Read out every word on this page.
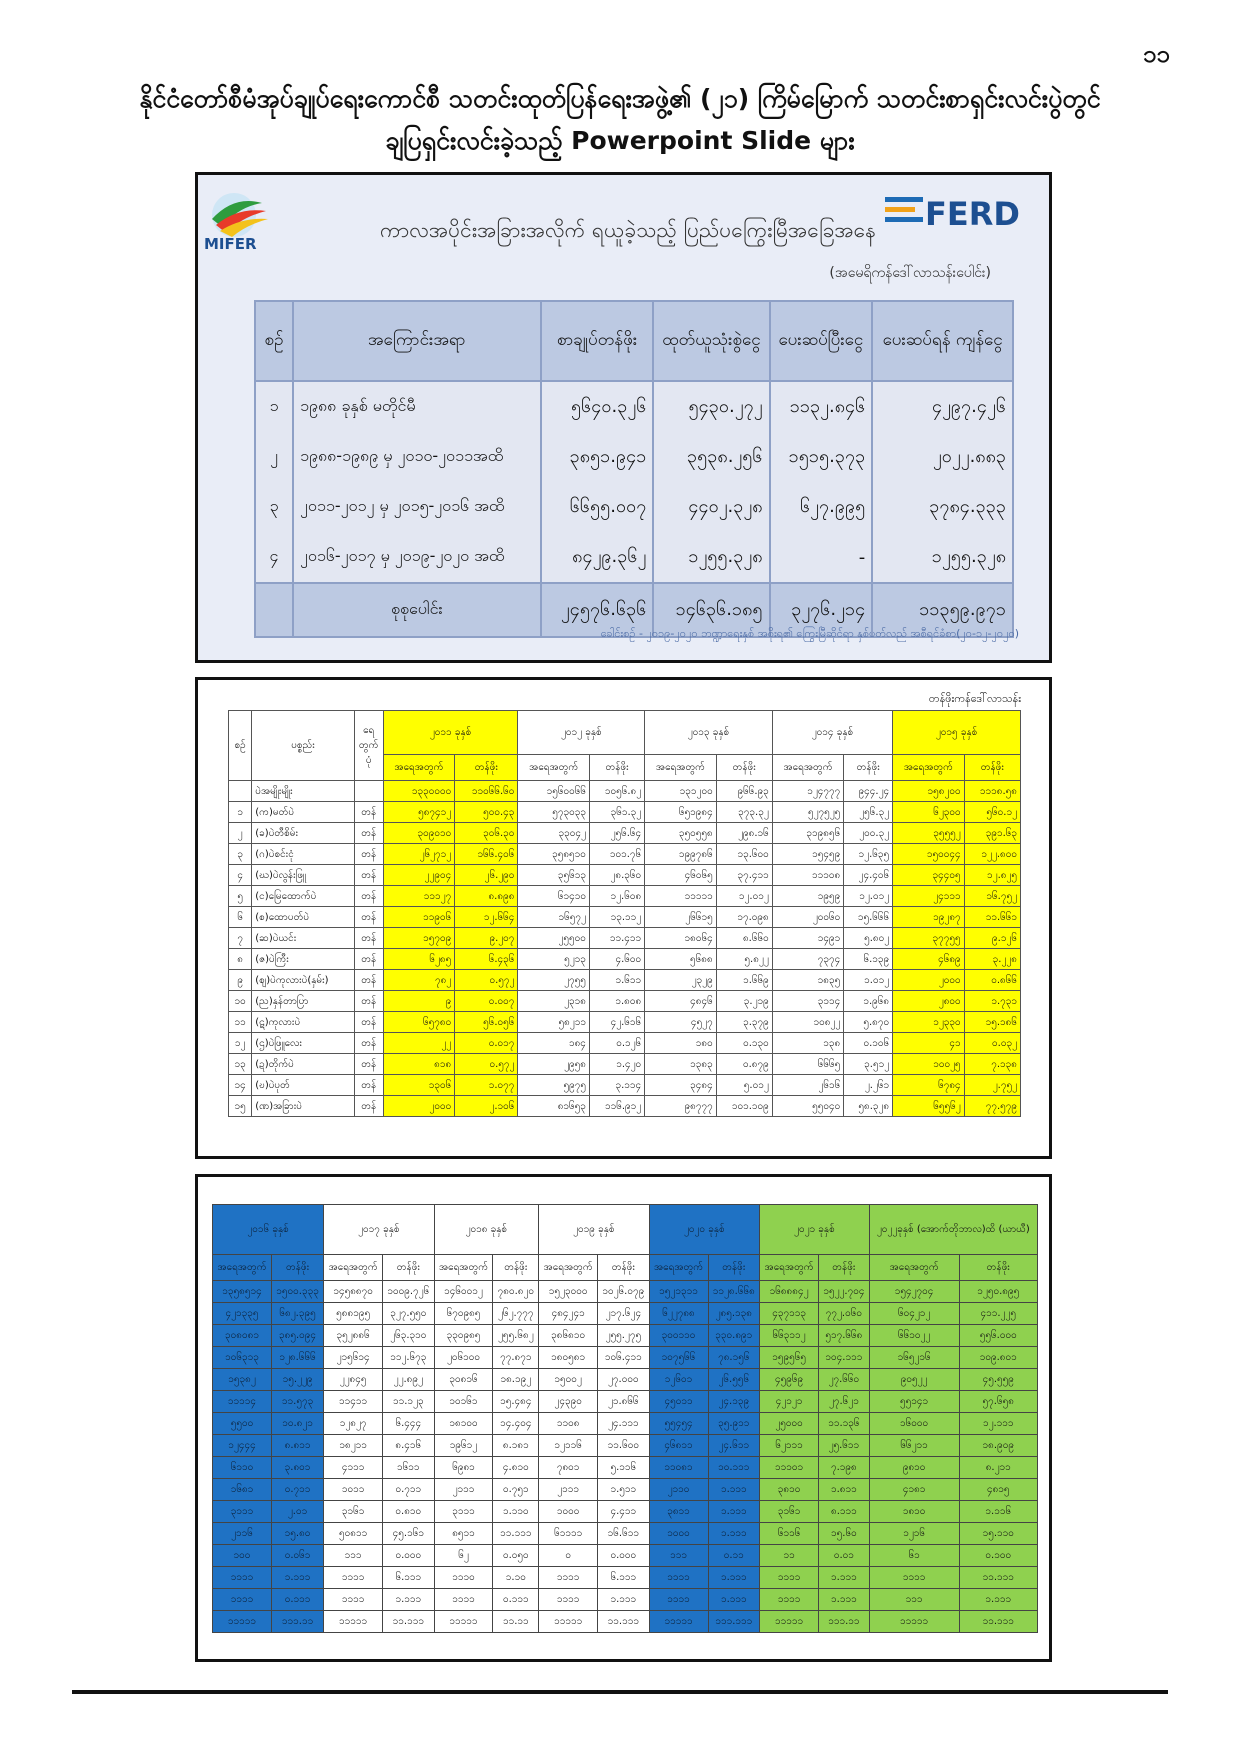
၁၁
နိုင်ငံတော်စီမံအုပ်ချုပ်ရေးကောင်စီ သတင်းထုတ်ပြန်ရေးအဖွဲ့၏ (၂၁) ကြိမ်မြောက် သတင်းစာရှင်းလင်းပွဲတွင်
ချပြရှင်းလင်းခဲ့သည့် Powerpoint Slide များ
MIFER
FERD
ကာလအပိုင်းအခြားအလိုက် ရယူခဲ့သည့် ပြည်ပကြွေးမြီအခြေအနေ
(အမေရိကန်ဒေါ်လာသန်းပေါင်း)
စဉ်	အကြောင်းအရာ	စာချုပ်တန်ဖိုး	ထုတ်ယူသုံးစွဲငွေ	ပေးဆပ်ပြီးငွေ	ပေးဆပ်ရန် ကျန်ငွေ
၁	၁၉၈၈ ခုနှစ် မတိုင်မီ	၅၆၄၀.၃၂၆	၅၄၃၀.၂၇၂	၁၁၃၂.၈၄၆	၄၂၉၇.၄၂၆
၂	၁၉၈၈-၁၉၈၉ မှ ၂၀၁၀-၂၀၁၁အထိ	၃၈၅၁.၉၄၁	၃၅၃၈.၂၅၆	၁၅၁၅.၃၇၃	၂၀၂၂.၈၈၃
၃	၂၀၁၁-၂၀၁၂ မှ ၂၀၁၅-၂၀၁၆ အထိ	၆၆၅၅.၀၀၇	၄၄၀၂.၃၂၈	၆၂၇.၉၉၅	၃၇၈၄.၃၃၃
၄	၂၀၁၆-၂၀၁၇ မှ ၂၀၁၉-၂၀၂၀ အထိ	၈၄၂၉.၃၆၂	၁၂၅၅.၃၂၈	-	၁၂၅၅.၃၂၈
	စုစုပေါင်း	၂၄၅၇၆.၆၃၆	၁၄၆၃၆.၁၈၅	၃၂၇၆.၂၁၄	၁၁၃၅၉.၉၇၁
ခေါင်းစဉ် - ၂၀၁၉-၂၀၂၀ ဘဏ္ဍာရေးနှစ် အစိုးရ၏ ကြွေးမြီဆိုင်ရာ နှစ်ပတ်လည် အစီရင်ခံစာ(၂၀-၁၂-၂၀၂၀)
တန်ဖိုးကန်ဒေါ်လာသန်း
စဉ်	ပစ္စည်း	ရေ တွက် ပုံ	၂၀၁၁ ခုနှစ်		၂၀၁၂ ခုနှစ်		၂၀၁၃ ခုနှစ်		၂၀၁၄ ခုနှစ်		၂၀၁၅ ခုနှစ်	
			အရေအတွက်	တန်ဖိုး	အရေအတွက်	တန်ဖိုး	အရေအတွက်	တန်ဖိုး	အရေအတွက်	တန်ဖိုး	အရေအတွက်	တန်ဖိုး
	ပဲအမျိုးမျိုး		၁၃၃၀၀၀၀	၁၁၀၆၆.၆၀	၁၅၆၀၀၆၆	၁၀၅၆.၈၂	၁၃၁၂၀၀	၉၆၆.၉၃	၁၂၄၇၇၇	၉၄၄.၂၄	၁၅၈၂၀၀	၁၁၁၈.၅၈
၁	(က)မတ်ပဲ	တန်	၅၈၇၄၁၂	၅၀၀.၄၃	၅၇၃၀၃၃	၃၆၁.၃၂	၆၅၁၉၈၄	၃၇၃.၃၂	၅၂၇၅၂၅	၂၅၆.၃၂	၆၂၃၀၀	၅၆၀.၁၂
၂	(ခ)ပဲတီစိမ်း	တန်	၃၀၉၀၁၀	၃၀၆.၃၀	၃၃၀၄၂	၂၅၆.၆၄	၃၅၀၅၅၈	၂၉၈.၁၆	၃၁၉၈၅၆	၂၀၀.၃၂	၃၅၅၅၂	၃၉၁.၆၃
၃	(ဂ)ပဲစင်းငုံ	တန်	၂၆၂၇၁၂	၁၆၆.၄၀၆	၃၅၈၅၁၀	၁၀၁.၇၆	၁၉၉၇၈၆	၁၃.၆၀၀	၁၅၄၅၉	၁၂.၆၃၅	၁၅၀၀၄၄	၁၂၂.၈၀၀
၄	(ဃ)ပဲလွန်းဖြူ	တန်	၂၂၉၀၄	၂၆.၂၉၀	၃၅၆၁၃	၂၈.၃၆၀	၄၆၀၆၅	၃၇.၄၁၁	၁၁၁၀၈	၂၄.၄၀၆	၃၄၄၀၅	၁၂.၈၂၅
၅	(င)မြေထောက်ပဲ	တန်	၁၁၁၂၇	၈.၈၉၈	၆၁၄၁၀	၁၂.၆၀၈	၁၁၁၁၁	၁၂.၀၁၂	၁၉၅၉	၁၂.၀၁၂	၂၄၁၁၁	၁၆.၇၅၂
၆	(စ)ထောပတ်ပဲ	တန်	၁၁၉၀၆	၁၂.၆၆၄	၁၆၅၇၂	၁၃.၁၁၂	၂၆၆၁၅	၁၇.၀၉၈	၂၀၀၆၀	၁၅.၆၆၆	၁၉၂၈၇	၁၁.၆၆၁
၇	(ဆ)ပဲယင်း	တန်	၁၅၇၀၉	၉.၂၀၇	၂၅၅၀၀	၁၁.၄၁၁	၁၈၀၆၄	၈.၆၆၀	၁၄၉၁	၅.၈၀၂	၃၇၇၅၅	၉.၁၂၆
၈	(ဇ)ပဲကြီး	တန်	၆၂၈၅	၆.၄၃၆	၅၂၁၃	၄.၆၀၀	၅၆၈၈	၅.၈၂၂	၇၃၇၄	၆.၁၃၉	၄၆၈၉	၃.၂၂၈
၉	(ဈ)ပဲကုလားပဲ(နှမ်း)	တန်	၇၈၂	၀.၅၇၂	၂၇၅၅	၁.၆၁၁	၂၃၂၉	၁.၆၆၉	၁၈၃၅	၁.၀၁၂	၂၀၀၀	၀.၈၆၆
၁၀	(ည)နှန်တာပြာ	တန်	၉	၀.၀၀၇	၂၃၁၈	၁.၈၀၈	၄၈၄၆	၃.၂၁၉	၃၁၁၄	၁.၉၆၈	၂၈၀၀	၁.၇၃၁
၁၁	(ဋ)ကုလားပဲ	တန်	၆၅၇၈၀	၅၆.၀၅၆	၅၈၂၁၁	၄၂.၆၁၆	၄၅၂၇	၃.၃၇၉	၁၀၈၂၂	၅.၈၇၀	၁၂၃၃၀	၁၅.၁၈၆
၁၂	(ဌ)ပဲဖြူလေး	တန်	၂၂	၀.၀၁၇	၁၈၄	၀.၁၂၆	၁၈၀	၀.၁၃၀	၁၃၈	၀.၁၀၆	၄၁	၀.၀၃၂
၁၃	(ဍ)တိုက်ပဲ	တန်	၈၁၈	၀.၅၇၂	၂၉၅၈	၁.၄၂၀	၁၃၈၃	၀.၈၇၉	၆၆၆၅	၃.၅၁၂	၁၀၀၂၅	၇.၁၃၈
၁၄	(ဎ)ပဲပုတ်	တန်	၁၃၀၆	၁.၀၇၇	၅၉၇၅	၃.၁၁၄	၃၄၈၄	၅.၀၁၂	၂၆၁၆	၂.၂၆၁	၆၇၈၄	၂.၇၅၂
၁၅	(ဏ)အခြားပဲ	တန်	၂၀၀၀	၂.၁၀၆	၈၁၆၅၃	၁၁၆.၉၁၂	၉၈၇၇၇	၁၀၁.၁၀၉	၅၅၀၄၀	၅၈.၃၂၈	၆၅၅၆၂	၇၇.၅၇၉
၂၀၁၆ ခုနှစ်		၂၀၁၇ ခုနှစ်		၂၀၁၈ ခုနှစ်		၂၀၁၉ ခုနှစ်		၂၀၂၀ ခုနှစ်		၂၀၂၁ ခုနှစ်		၂၀၂၂ခုနှစ် (အောက်တိုဘာလ)ထိ (ယာယီ)	
အရေအတွက်	တန်ဖိုး	အရေအတွက်	တန်ဖိုး	အရေအတွက်	တန်ဖိုး	အရေအတွက်	တန်ဖိုး	အရေအတွက်	တန်ဖိုး	အရေအတွက်	တန်ဖိုး	အရေအတွက်	တန်ဖိုး
၁၃၅၈၅၁၄	၁၅၀၀.၃၃၃	၁၄၅၈၈၇၀	၁၀၀၉.၇၂၆	၁၄၆၀၀၁၂	၇၈၀.၈၂၀	၁၅၂၃၀၀၀	၁၀၂၆.၀၇၉	၁၅၂၁၃၁၁	၁၁၂၈.၆၆၈	၁၆၈၈၈၄၂	၁၅၂၂.၇၀၄	၁၅၄၂၇၀၄	၁၂၅၀.၈၉၅
၄၂၁၃၃၅	၆၈၂.၃၉၅	၅၈၈၁၉၅	၃၂၇.၅၅၀	၆၇၀၉၈၅	၂၆၂.၇၇၇	၄၈၄၂၄၁	၂၁၇.၆၂၄	၆၂၂၇၈၈	၂၈၅.၁၃၈	၄၃၇၁၁၃	၇၇၂.၀၆၀	၆၀၄၂၁၂	၄၁၁.၂၂၅
၃၀၈၀၈၁	၃၈၅.၀၉၄	၃၅၂၈၈၆	၂၆၃.၃၁၀	၃၃၀၉၈၅	၂၅၅.၆၈၂	၃၈၆၈၁၀	၂၅၅.၂၇၅	၃၀၀၁၁၀	၃၃၀.၈၉၁	၆၆၃၁၁၂	၅၁၇.၆၆၈	၆၆၁၀၂၂	၅၅၆.၀၀၀
၁၀၆၃၁၃	၁၂၈.၆၆၆	၂၁၅၆၁၄	၁၁၂.၆၇၃	၂၀၆၁၀၀	၇၇.၈၇၁	၁၈၀၅၈၁	၁၀၆.၄၁၁	၁၀၇၅၆၆	၇၈.၁၅၆	၁၅၉၅၆၅	၁၀၄.၁၁၁	၁၆၅၂၁၆	၁၀၉.၈၀၁
၁၅၃၈၂	၁၅.၂၂၉	၂၂၈၄၅	၂၂.၈၉၂	၃၀၈၁၆	၁၈.၁၉၂	၁၅၀၀၂	၂၇.၀၀၀	၁၂၆၀၁	၂၆.၅၅၆	၄၅၉၆၉	၂၇.၆၆၀	၉၀၅၂၂	၄၅.၅၅၉
၁၁၁၁၄	၁၁.၅၇၃	၁၁၄၁၁	၁၁.၁၂၃	၁၀၁၆၁	၁၅.၄၈၄	၂၄၃၉၀	၂၁.၈၆၆	၄၅၀၁၁	၂၄.၁၃၉	၄၂၁၂၁	၂၇.၆၂၁	၅၅၁၄၁	၅၇.၆၅၈
၅၅၀၀	၁၀.၈၂၁	၁၂၈၂၇	၆.၄၄၄	၁၈၁၀၀	၁၄.၄၀၄	၁၁၀၈	၂၄.၁၁၁	၅၅၄၅၄	၃၅.၉၁၁	၂၅၀၀၀	၁၁.၁၃၆	၁၆၀၀၀	၁၂.၁၁၁
၁၂၄၄၄	၈.၈၁၁	၁၈၂၁၁	၈.၄၁၆	၁၉၆၁၂	၈.၁၈၁	၁၂၁၁၆	၁၁.၆၀၀	၄၆၈၁၁	၂၄.၆၁၁	၆၂၁၁၁	၂၅.၆၁၁	၆၆၂၁၁	၁၈.၉၀၉
၆၁၁၀	၃.၈၀၁	၄၁၁၁	၁၆၁၁	၆၉၈၁	၄.၈၁၀	၇၈၀၁	၅.၁၁၆	၁၁၀၈၁	၁၀.၁၁၁	၁၁၁၀၁	၇.၁၉၈	၉၈၁၀	၈.၂၁၁
၁၆၈၁	၀.၇၁၁	၁၀၁၁	၀.၇၁၁	၂၁၁၁	၀.၇၅၁	၂၁၁၁	၁.၅၁၁	၂၁၁၀	၁.၁၁၁	၃၈၁၀	၁.၈၁၁	၄၁၈၁	၄၈၁၅
၃၁၁၁	၂.၀၁	၃၁၆၁	၀.၈၁၀	၃၁၁၁	၁.၁၁၀	၁၀၀၀	၄.၄၁၁	၃၈၁၁	၁.၁၁၁	၃၁၆၁	၈.၁၁၁	၁၈၁၀	၁.၁၁၆
၂၁၁၆	၁၅.၈၀	၅၀၈၁၁	၄၅.၁၆၁	၈၅၁၁	၁၁.၁၁၁	၆၁၁၁၁	၁၆.၆၁၁	၁၀၀၀	၁.၁၁၁	၆၁၁၆	၁၅.၆၀	၁၂၁၆	၁၅.၁၁၀
၁၀၀	၀.၀၆၁	၁၁၁	၀.၀၀၀	၆၂	၀.၀၅၀	၀	၀.၀၀၀	၁၁၁	၀.၁၁	၁၁	၀.၀၁	၆၁	၀.၁၀၀
၁၁၁၁	၁.၁၁၁	၁၁၁၁	၆.၁၁၁	၁၁၁၀	၁.၁၀	၁၁၁၁	၆.၁၁၁	၁၁၁၁	၁.၁၁၁	၁၁၁၁	၁.၁၁၁	၁၁၁၁	၁၁.၁၁၁
၁၁၁၁	၀.၁၁၁	၁၁၁၁	၁.၁၁၁	၁၁၁၁	၀.၁၁၁	၁၁၁၁	၁.၁၁၁	၁၁၁၁	၁.၁၁၁	၁၁၁၁	၁.၁၁၁	၁၁၁	၁.၁၁၁
၁၁၁၁၁	၁၁၁.၁၁	၁၁၁၁၁	၁၁.၁၁၁	၁၁၁၁၁	၁၁.၁၁	၁၁၁၁၁	၁၁.၁၁၁	၁၁၁၁၁	၁၁၁.၁၁၁	၁၁၁၁၁	၁၁၁.၁၁	၁၁၁၁၁	၁၁.၁၁၁
